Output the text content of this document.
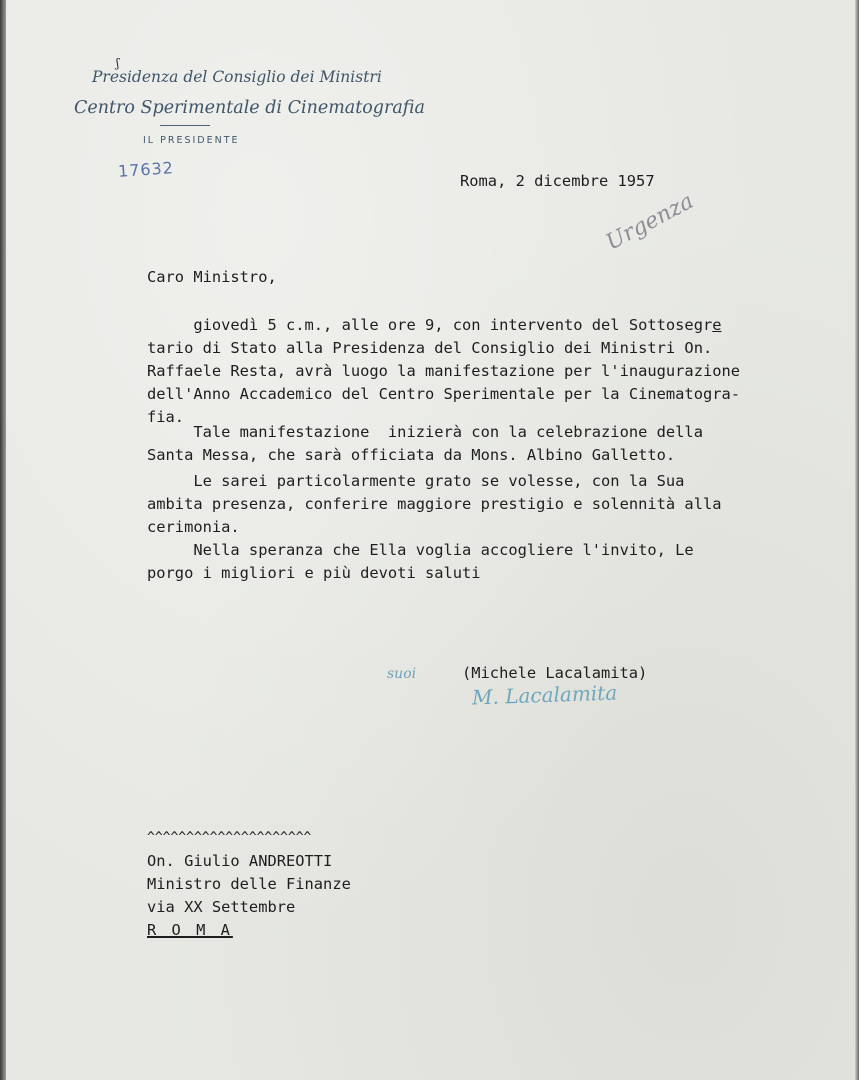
ʃ
Presidenza del Consiglio dei Ministri
Centro Sperimentale di Cinematografia
IL PRESIDENTE
17632
Urgenza
Roma, 2 dicembre 1957
Caro Ministro,
giovedì 5 c.m., alle ore 9, con intervento del Sottosegre
tario di Stato alla Presidenza del Consiglio dei Ministri On.
Raffaele Resta, avrà luogo la manifestazione per l'inaugurazione
dell'Anno Accademico del Centro Sperimentale per la Cinematogra-
fia.
Tale manifestazione  inizierà con la celebrazione della
Santa Messa, che sarà officiata da Mons. Albino Galletto.
Le sarei particolarmente grato se volesse, con la Sua
ambita presenza, conferire maggiore prestigio e solennità alla
cerimonia.
Nella speranza che Ella voglia accogliere l'invito, Le
porgo i migliori e più devoti saluti
suoi	(Michele Lacalamita)
M. Lacalamita
^^^^^^^^^^^^^^^^^^^^^
On. Giulio ANDREOTTI
Ministro delle Finanze
via XX Settembre
R O M A
